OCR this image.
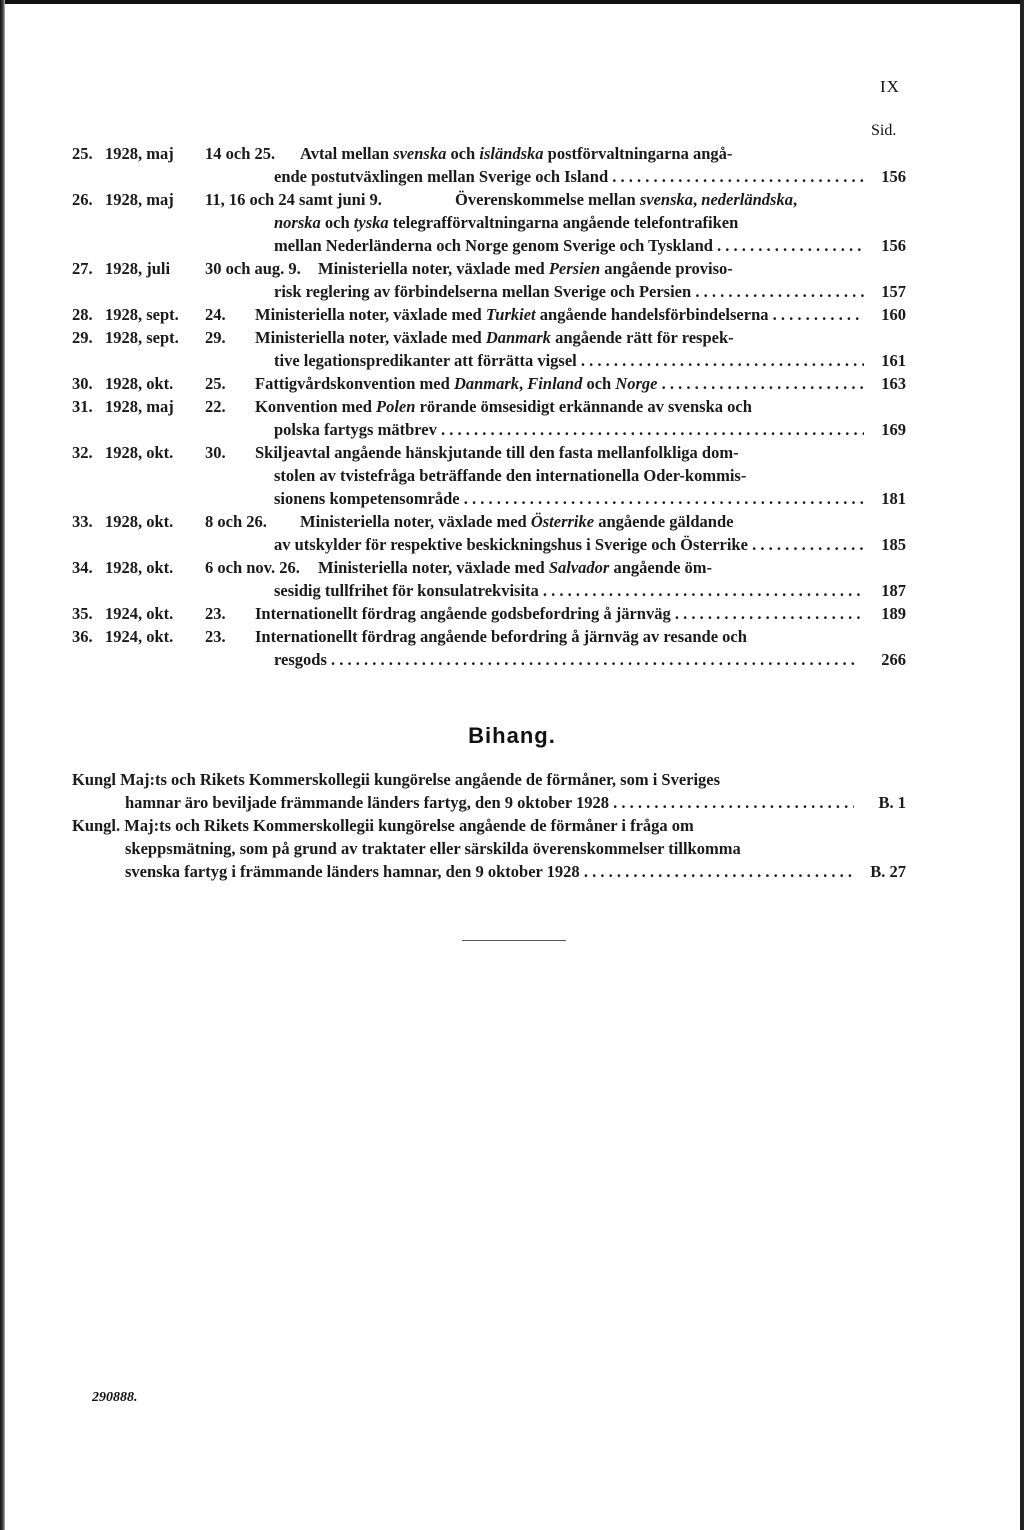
IX
Sid.
25. 1928, maj 14 och 25. Avtal mellan svenska och isländska postförvaltningarna angå-
ende postutväxlingen mellan Sverige och Island . . .	156
26. 1928, maj 11, 16 och 24 samt juni 9.	Överenskommelse mellan svenska, nederländska,
norska och tyska telegrafförvaltningarna angående telefontrafiken
mellan Nederländerna och Norge genom Sverige och Tyskland . . .	156
27. 1928, juli 30 och aug. 9. Ministeriella noter, växlade med Persien angående proviso-
risk reglering av förbindelserna mellan Sverige och Persien . . .	157
28. 1928, sept. 24. Ministeriella noter, växlade med Turkiet angående handelsförbindelserna . . .	160
29. 1928, sept. 29. Ministeriella noter, växlade med Danmark angående rätt för respek-
tive legationspredikanter att förrätta vigsel . . .	161
30. 1928, okt. 25. Fattigvårdskonvention med Danmark, Finland och Norge . . .	163
31. 1928, maj 22. Konvention med Polen rörande ömsesidigt erkännande av svenska och
polska fartygs mätbrev . . .	169
32. 1928, okt. 30. Skiljeavtal angående hänskjutande till den fasta mellanfolkliga dom-
stolen av tvistefråga beträffande den internationella Oder-kommis-
sionens kompetensområde . . .	181
33. 1928, okt. 8 och 26. Ministeriella noter, växlade med Österrike angående gäldande
av utskylder för respektive beskickningshus i Sverige och Österrike . . .	185
34. 1928, okt. 6 och nov. 26. Ministeriella noter, växlade med Salvador angående öm-
sesidig tullfrihet för konsulatrekvisita . . .	187
35. 1924, okt. 23. Internationellt fördrag angående godsbefordring å järnväg . . .	189
36. 1924, okt. 23. Internationellt fördrag angående befordring å järnväg av resande och
resgods . . .	266
Bihang.
Kungl Maj:ts och Rikets Kommerskollegii kungörelse angående de förmåner, som i Sveriges
hamnar äro beviljade främmande länders fartyg, den 9 oktober 1928 . . .	B. 1
Kungl. Maj:ts och Rikets Kommerskollegii kungörelse angående de förmåner i fråga om
skeppsmätning, som på grund av traktater eller särskilda överenskommelser tillkomma
svenska fartyg i främmande länders hamnar, den 9 oktober 1928 . . .	B. 27
290888.
